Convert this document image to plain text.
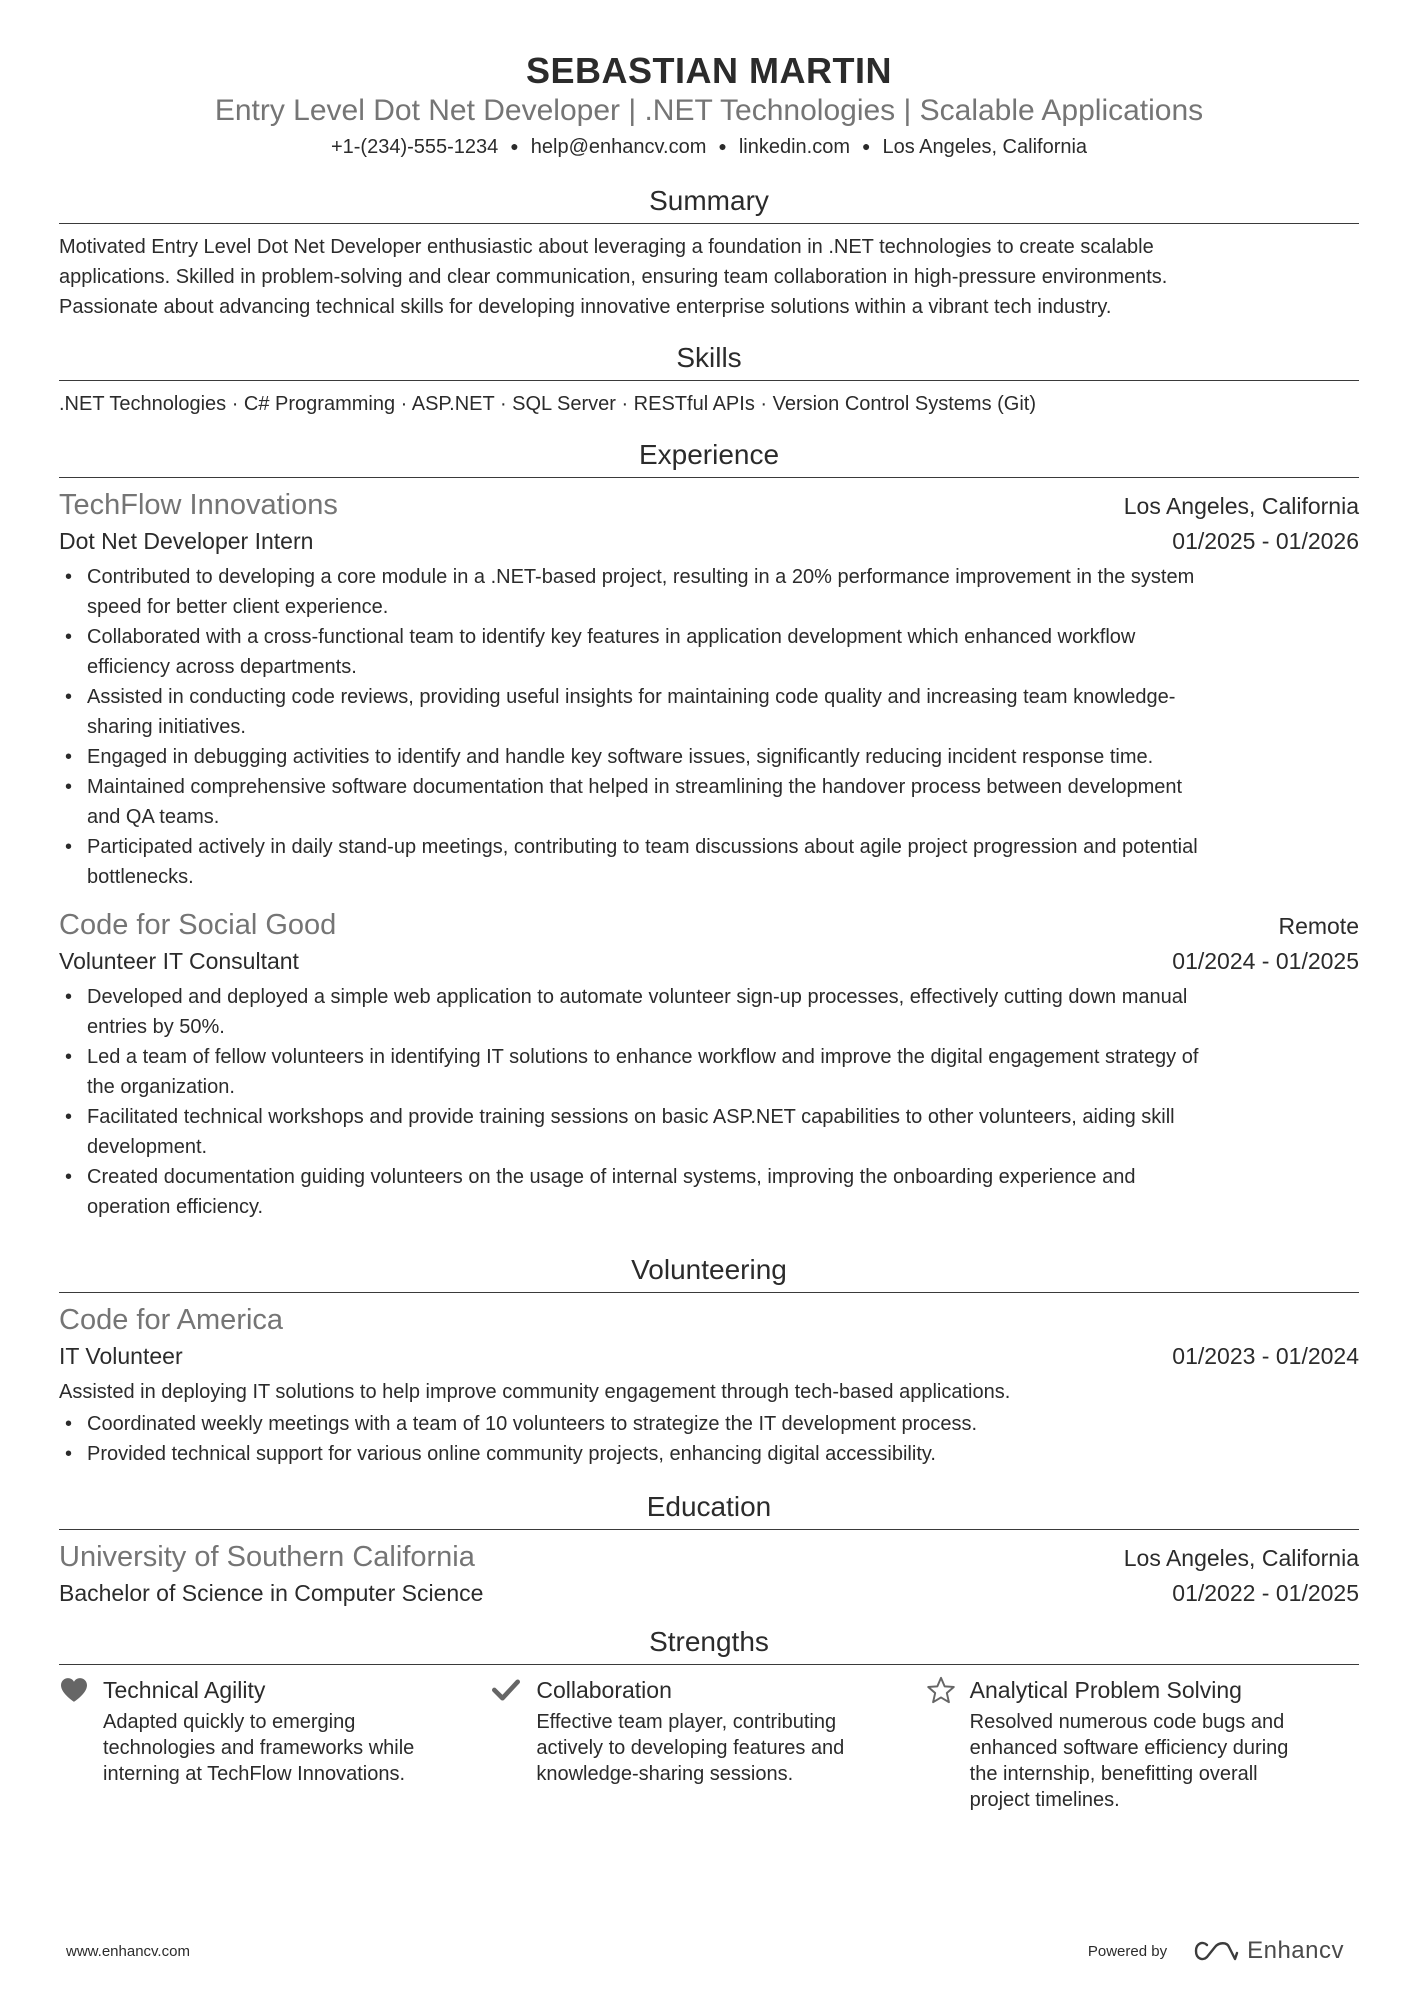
SEBASTIAN MARTIN
Entry Level Dot Net Developer | .NET Technologies | Scalable Applications
+1-(234)-555-1234 ● help@enhancv.com ● linkedin.com ● Los Angeles, California
Summary
Motivated Entry Level Dot Net Developer enthusiastic about leveraging a foundation in .NET technologies to create scalable
applications. Skilled in problem-solving and clear communication, ensuring team collaboration in high-pressure environments.
Passionate about advancing technical skills for developing innovative enterprise solutions within a vibrant tech industry.
Skills
.NET Technologies · C# Programming · ASP.NET · SQL Server · RESTful APIs · Version Control Systems (Git)
Experience
TechFlow Innovations	Los Angeles, California
Dot Net Developer Intern	01/2025 - 01/2026
• Contributed to developing a core module in a .NET-based project, resulting in a 20% performance improvement in the system
speed for better client experience.
• Collaborated with a cross-functional team to identify key features in application development which enhanced workflow
efficiency across departments.
• Assisted in conducting code reviews, providing useful insights for maintaining code quality and increasing team knowledge-
sharing initiatives.
• Engaged in debugging activities to identify and handle key software issues, significantly reducing incident response time.
• Maintained comprehensive software documentation that helped in streamlining the handover process between development
and QA teams.
• Participated actively in daily stand-up meetings, contributing to team discussions about agile project progression and potential
bottlenecks.
Code for Social Good	Remote
Volunteer IT Consultant	01/2024 - 01/2025
• Developed and deployed a simple web application to automate volunteer sign-up processes, effectively cutting down manual
entries by 50%.
• Led a team of fellow volunteers in identifying IT solutions to enhance workflow and improve the digital engagement strategy of
the organization.
• Facilitated technical workshops and provide training sessions on basic ASP.NET capabilities to other volunteers, aiding skill
development.
• Created documentation guiding volunteers on the usage of internal systems, improving the onboarding experience and
operation efficiency.
Volunteering
Code for America
IT Volunteer	01/2023 - 01/2024
Assisted in deploying IT solutions to help improve community engagement through tech-based applications.
• Coordinated weekly meetings with a team of 10 volunteers to strategize the IT development process.
• Provided technical support for various online community projects, enhancing digital accessibility.
Education
University of Southern California	Los Angeles, California
Bachelor of Science in Computer Science	01/2022 - 01/2025
Strengths
Technical Agility
Adapted quickly to emerging
technologies and frameworks while
interning at TechFlow Innovations.
Collaboration
Effective team player, contributing
actively to developing features and
knowledge-sharing sessions.
Analytical Problem Solving
Resolved numerous code bugs and
enhanced software efficiency during
the internship, benefitting overall
project timelines.
www.enhancv.com	Powered by	Enhancv
